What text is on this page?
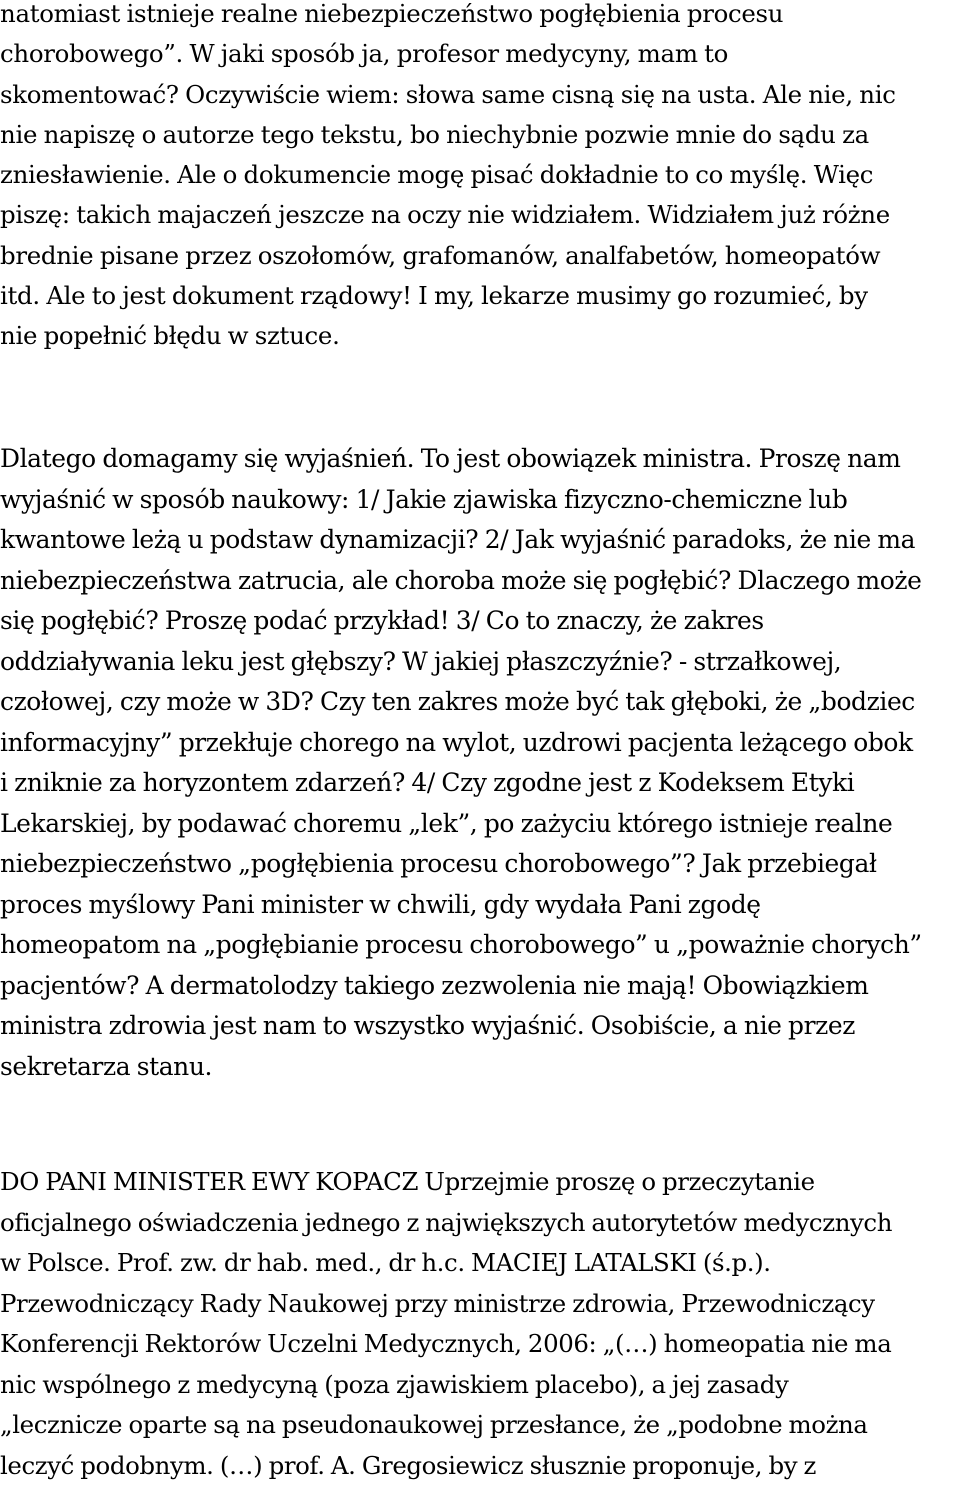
natomiast istnieje realne niebezpieczeństwo pogłębienia procesu
chorobowego”. W jaki sposób ja, profesor medycyny, mam to
skomentować? Oczywiście wiem: słowa same cisną się na usta. Ale nie, nic
nie napiszę o autorze tego tekstu, bo niechybnie pozwie mnie do sądu za
zniesławienie. Ale o dokumencie mogę pisać dokładnie to co myślę. Więc
piszę: takich majaczeń jeszcze na oczy nie widziałem. Widziałem już różne
brednie pisane przez oszołomów, grafomanów, analfabetów, homeopatów
itd. Ale to jest dokument rządowy! I my, lekarze musimy go rozumieć, by
nie popełnić błędu w sztuce.
Dlatego domagamy się wyjaśnień. To jest obowiązek ministra. Proszę nam
wyjaśnić w sposób naukowy: 1/ Jakie zjawiska fizyczno-chemiczne lub
kwantowe leżą u podstaw dynamizacji? 2/ Jak wyjaśnić paradoks, że nie ma
niebezpieczeństwa zatrucia, ale choroba może się pogłębić? Dlaczego może
się pogłębić? Proszę podać przykład! 3/ Co to znaczy, że zakres
oddziaływania leku jest głębszy? W jakiej płaszczyźnie? - strzałkowej,
czołowej, czy może w 3D? Czy ten zakres może być tak głęboki, że „bodziec
informacyjny” przekłuje chorego na wylot, uzdrowi pacjenta leżącego obok
i zniknie za horyzontem zdarzeń? 4/ Czy zgodne jest z Kodeksem Etyki
Lekarskiej, by podawać choremu „lek”, po zażyciu którego istnieje realne
niebezpieczeństwo „pogłębienia procesu chorobowego”? Jak przebiegał
proces myślowy Pani minister w chwili, gdy wydała Pani zgodę
homeopatom na „pogłębianie procesu chorobowego” u „poważnie chorych”
pacjentów? A dermatolodzy takiego zezwolenia nie mają! Obowiązkiem
ministra zdrowia jest nam to wszystko wyjaśnić. Osobiście, a nie przez
sekretarza stanu.
DO PANI MINISTER EWY KOPACZ Uprzejmie proszę o przeczytanie
oficjalnego oświadczenia jednego z największych autorytetów medycznych
w Polsce. Prof. zw. dr hab. med., dr h.c. MACIEJ LATALSKI (ś.p.).
Przewodniczący Rady Naukowej przy ministrze zdrowia, Przewodniczący
Konferencji Rektorów Uczelni Medycznych, 2006: „(…) homeopatia nie ma
nic wspólnego z medycyną (poza zjawiskiem placebo), a jej zasady
„lecznicze oparte są na pseudonaukowej przesłance, że „podobne można
leczyć podobnym. (…) prof. A. Gregosiewicz słusznie proponuje, by z
